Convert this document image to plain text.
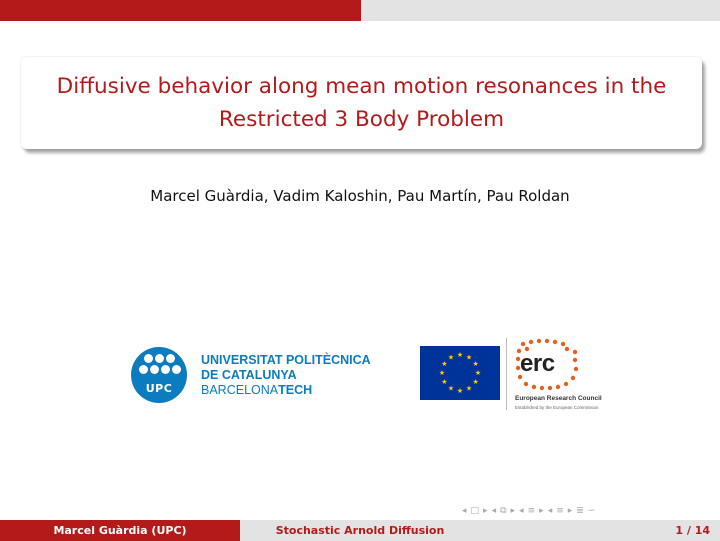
Diffusive behavior along mean motion resonances in the
Restricted 3 Body Problem
Marcel Guàrdia, Vadim Kaloshin, Pau Martín, Pau Roldan
UPC
UNIVERSITAT POLITÈCNICA
DE CATALUNYA
BARCELONATECH
★ ★
★
★
★
★
★
★
★
★
★
★	erc
European Research Council
Established by the European Commission
◂ □ ▸ ◂ ⧉ ▸ ◂ ≡ ▸ ◂ ≡ ▸ ≣ ∽
Marcel Guàrdia (UPC)	Stochastic Arnold Diffusion	1 / 14
